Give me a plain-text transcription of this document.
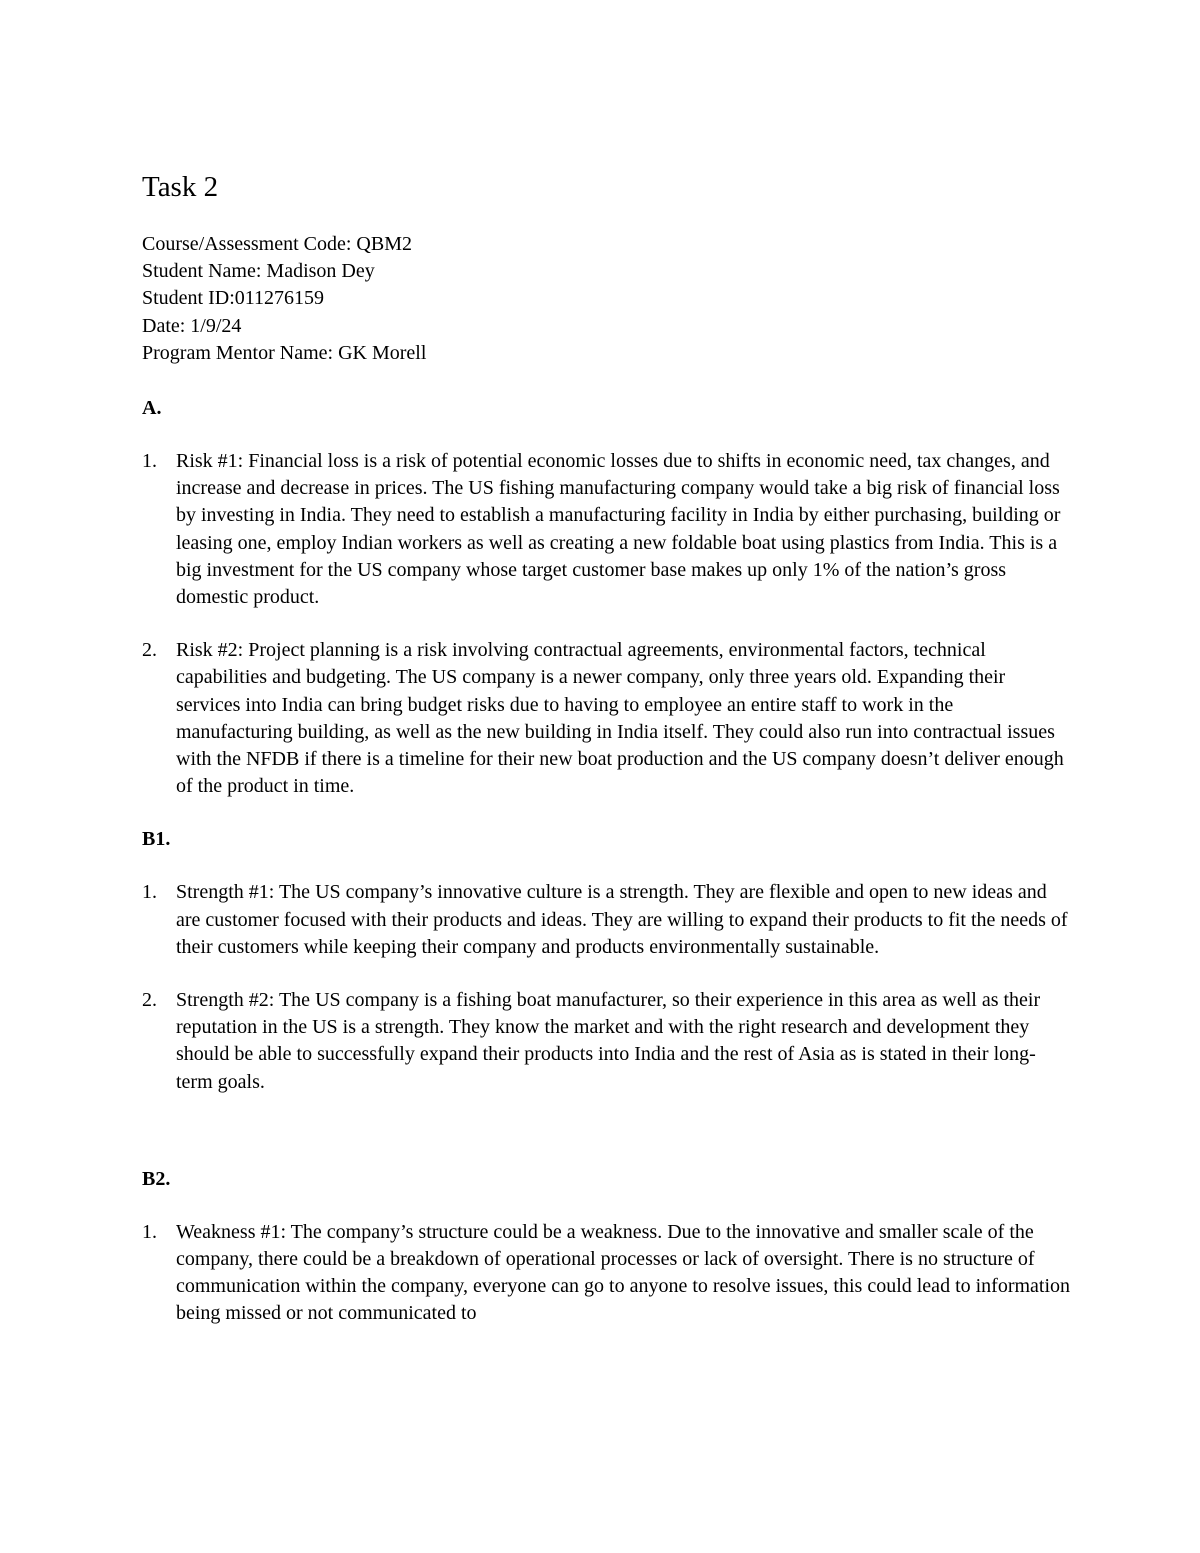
Task 2

Course/Assessment Code: QBM2

Student Name: Madison Dey

Student ID:011276159

Date: 1/9/24

Program Mentor Name: GK Morell

A.
1. Risk #1: Financial loss is a risk of potential economic losses due to shifts in economic need, tax changes, and increase and decrease in prices. The US fishing manufacturing company would take a big risk of financial loss by investing in India. They need to establish a manufacturing facility in India by either purchasing, building or leasing one, employ Indian workers as well as creating a new foldable boat using plastics from India. This is a big investment for the US company whose target customer base makes up only 1% of the nation’s gross domestic product.
2. Risk #2: Project planning is a risk involving contractual agreements, environmental factors, technical capabilities and budgeting. The US company is a newer company, only three years old. Expanding their services into India can bring budget risks due to having to employee an entire staff to work in the manufacturing building, as well as the new building in India itself. They could also run into contractual issues with the NFDB if there is a timeline for their new boat production and the US company doesn’t deliver enough of the product in time.
B1.
1. Strength #1: The US company’s innovative culture is a strength. They are flexible and open to new ideas and are customer focused with their products and ideas. They are willing to expand their products to fit the needs of their customers while keeping their company and products environmentally sustainable.
2. Strength #2: The US company is a fishing boat manufacturer, so their experience in this area as well as their reputation in the US is a strength. They know the market and with the right research and development they should be able to successfully expand their products into India and the rest of Asia as is stated in their long-term goals.
B2.
1. Weakness #1: The company’s structure could be a weakness. Due to the innovative and smaller scale of the company, there could be a breakdown of operational processes or lack of oversight. There is no structure of communication within the company, everyone can go to anyone to resolve issues, this could lead to information being missed or not communicated to
